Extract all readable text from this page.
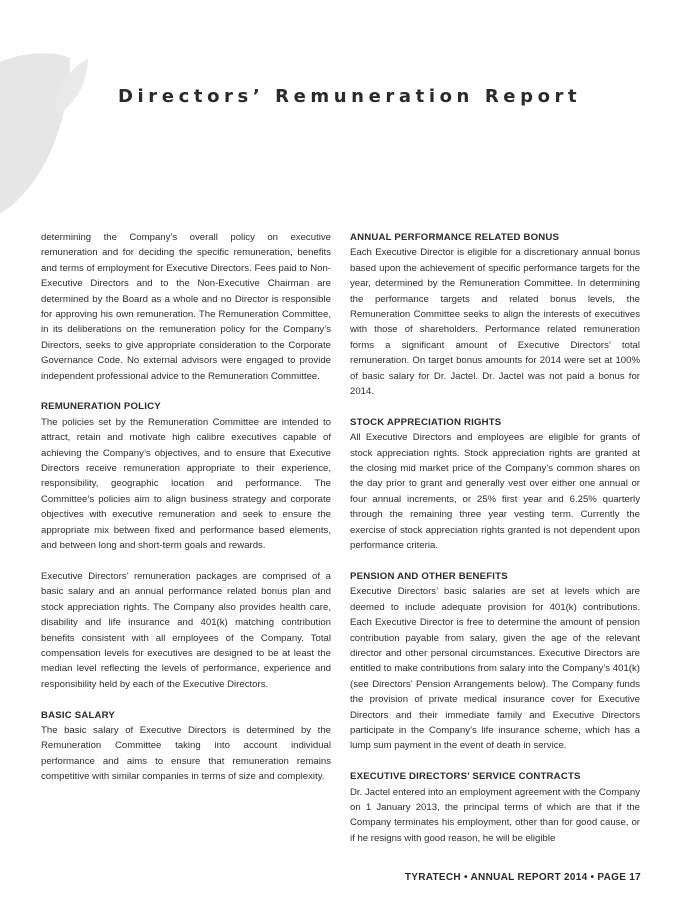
Directors’ Remuneration Report

determining the Company’s overall policy on executive remuneration and for deciding the specific remuneration, benefits and terms of employment for Executive Directors. Fees paid to Non-Executive Directors and to the Non-Executive Chairman are determined by the Board as a whole and no Director is responsible for approving his own remuneration. The Remuneration Committee, in its deliberations on the remuneration policy for the Company’s Directors, seeks to give appropriate consideration to the Corporate Governance Code. No external advisors were engaged to provide independent professional advice to the Remuneration Committee.

REMUNERATION POLICY

The policies set by the Remuneration Committee are intended to attract, retain and motivate high calibre executives capable of achieving the Company’s objectives, and to ensure that Executive Directors receive remuneration appropriate to their experience, responsibility, geographic location and performance. The Committee’s policies aim to align business strategy and corporate objectives with executive remuneration and seek to ensure the appropriate mix between fixed and performance based elements, and between long and short-term goals and rewards.

Executive Directors’ remuneration packages are comprised of a basic salary and an annual performance related bonus plan and stock appreciation rights. The Company also provides health care, disability and life insurance and 401(k) matching contribution benefits consistent with all employees of the Company. Total compensation levels for executives are designed to be at least the median level reflecting the levels of performance, experience and responsibility held by each of the Executive Directors.

BASIC SALARY

The basic salary of Executive Directors is determined by the Remuneration Committee taking into account individual performance and aims to ensure that remuneration remains competitive with similar companies in terms of size and complexity.

ANNUAL PERFORMANCE RELATED BONUS

Each Executive Director is eligible for a discretionary annual bonus based upon the achievement of specific performance targets for the year, determined by the Remuneration Committee. In determining the performance targets and related bonus levels, the Remuneration Committee seeks to align the interests of executives with those of shareholders. Performance related remuneration forms a significant amount of Executive Directors’ total remuneration. On target bonus amounts for 2014 were set at 100% of basic salary for Dr. Jactel. Dr. Jactel was not paid a bonus for 2014.

STOCK APPRECIATION RIGHTS

All Executive Directors and employees are eligible for grants of stock appreciation rights. Stock appreciation rights are granted at the closing mid market price of the Company’s common shares on the day prior to grant and generally vest over either one annual or four annual increments, or 25% first year and 6.25% quarterly through the remaining three year vesting term. Currently the exercise of stock appreciation rights granted is not dependent upon performance criteria.

PENSION AND OTHER BENEFITS

Executive Directors’ basic salaries are set at levels which are deemed to include adequate provision for 401(k) contributions. Each Executive Director is free to determine the amount of pension contribution payable from salary, given the age of the relevant director and other personal circumstances. Executive Directors are entitled to make contributions from salary into the Company’s 401(k) (see Directors’ Pension Arrangements below). The Company funds the provision of private medical insurance cover for Executive Directors and their immediate family and Executive Directors participate in the Company’s life insurance scheme, which has a lump sum payment in the event of death in service.

EXECUTIVE DIRECTORS’ SERVICE CONTRACTS

Dr. Jactel entered into an employment agreement with the Company on 1 January 2013, the principal terms of which are that if the Company terminates his employment, other than for good cause, or if he resigns with good reason, he will be eligible

TYRATECH • ANNUAL REPORT 2014 • PAGE 17
